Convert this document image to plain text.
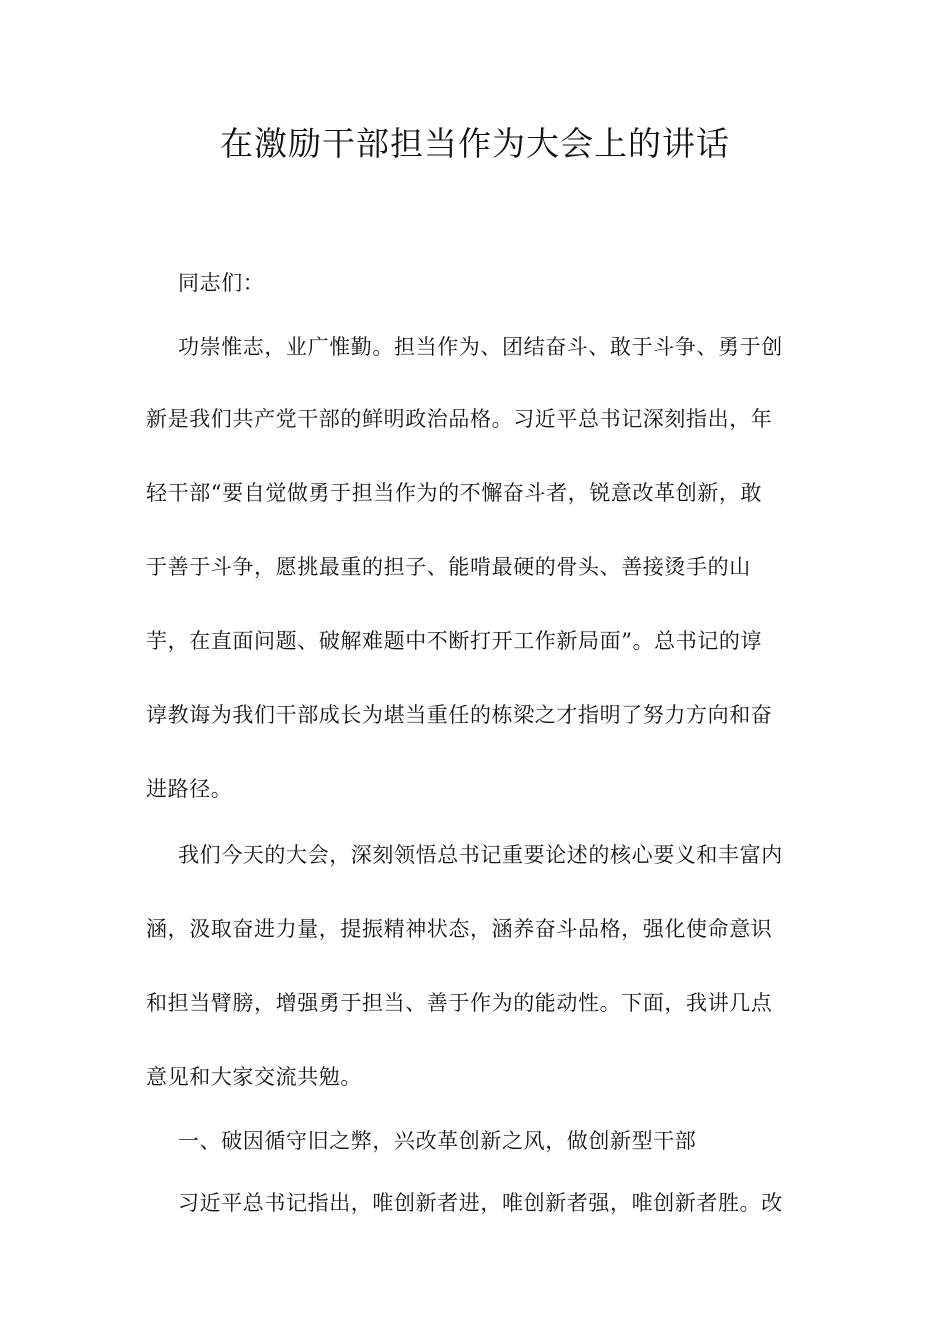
在激励干部担当作为大会上的讲话
同志们：
功崇惟志，业广惟勤。担当作为、团结奋斗、敢于斗争、勇于创
新是我们共产党干部的鲜明政治品格。习近平总书记深刻指出，年
轻干部“要自觉做勇于担当作为的不懈奋斗者，锐意改革创新，敢
于善于斗争，愿挑最重的担子、能啃最硬的骨头、善接烫手的山
芋，在直面问题、破解难题中不断打开工作新局面”。总书记的谆
谆教诲为我们干部成长为堪当重任的栋梁之才指明了努力方向和奋
进路径。
我们今天的大会，深刻领悟总书记重要论述的核心要义和丰富内
涵，汲取奋进力量，提振精神状态，涵养奋斗品格，强化使命意识
和担当臂膀，增强勇于担当、善于作为的能动性。下面，我讲几点
意见和大家交流共勉。
一、破因循守旧之弊，兴改革创新之风，做创新型干部
习近平总书记指出，唯创新者进，唯创新者强，唯创新者胜。改
